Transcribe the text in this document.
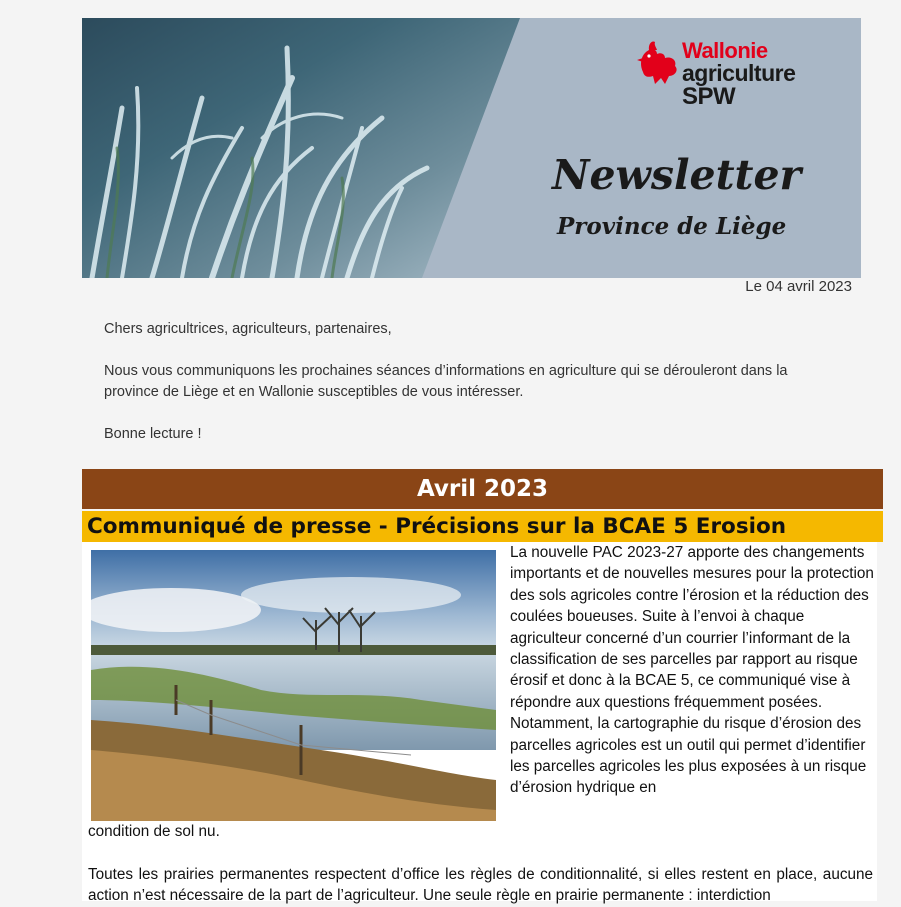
Wallonie
agriculture
SPW
Newsletter
Province de Liège
Le 04 avril 2023

Chers agricultrices, agriculteurs, partenaires,

Nous vous communiquons les prochaines séances d’informations en agriculture qui se dérouleront dans la province de Liège et en Wallonie susceptibles de vous intéresser.

Bonne lecture !

Avril 2023
Communiqué de presse - Précisions sur la BCAE 5 Erosion

La nouvelle PAC 2023-27 apporte des changements importants et de nouvelles mesures pour la protection des sols agricoles contre l’érosion et la réduction des coulées boueuses. Suite à l’envoi à chaque agriculteur concerné d’un courrier l’informant de la classification de ses parcelles par rapport au risque érosif et donc à la BCAE 5, ce communiqué vise à répondre aux questions fréquemment posées. Notamment, la cartographie du risque d’érosion des parcelles agricoles est un outil qui permet d’identifier les parcelles agricoles les plus exposées à un risque d’érosion hydrique en

condition de sol nu.
Toutes les prairies permanentes respectent d’office les règles de conditionnalité, si elles restent en place, aucune action n’est nécessaire de la part de l’agriculteur. Une seule règle en prairie permanente : interdiction
